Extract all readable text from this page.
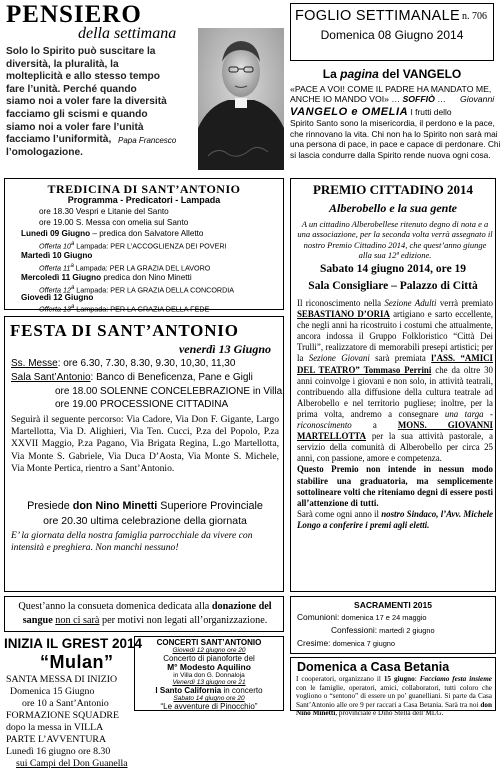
PENSIERO
della settimana
Solo lo Spirito può suscitare la
diversità, la pluralità, la
molteplicità e allo stesso tempo
fare l’unità. Perché quando
siamo noi a voler fare la diversità
facciamo gli scismi e quando
siamo noi a voler fare l’unità
facciamo l’uniformità,
l’omologazione.
Papa Francesco
FOGLIO SETTIMANALE n. 706
Domenica 08 Giugno 2014
La pagina del VANGELO
«PACE A VOI! COME IL PADRE HA MANDATO ME,
ANCHE IO MANDO VOI» … SOFFIÒ … Giovanni
VANGELO e OMELIA I frutti dello
Spirito Santo sono la misericordia, il perdono e la pace,
che rinnovano la vita. Chi non ha lo Spirito non sarà mai
una persona di pace, in pace e capace di perdonare. Chi
si lascia condurre dalla Spirito rende nuova ogni cosa.
TREDICINA DI SANT’ANTONIO
Programma - Predicatori - Lampada
ore 18.30 Vespri e Litanie del Santo
ore 19.00 S. Messa con omelia sul Santo
Lunedì 09 Giugno – predica don Salvatore Alletto
Offerta 10$^a$ Lampada: PER L’ACCOGLIENZA DEI POVERI
Martedì 10 Giugno
Offerta 11$^a$ Lampada: PER LA GRAZIA DEL LAVORO
Mercoledì 11 Giugno predica don Nino Minetti
Offerta 12$^a$ Lampada: PER LA GRAZIA DELLA CONCORDIA
Giovedì 12 Giugno
Offerta 13$^a$ Lampada: PER LA GRAZIA DELLA FEDE
FESTA DI SANT’ANTONIO
venerdì 13 Giugno
Ss. Messe: ore 6.30, 7.30, 8.30, 9.30, 10,30, 11,30
Sala Sant’Antonio: Banco di Beneficenza, Pane e Gigli
ore 18.00 SOLENNE CONCELEBRAZIONE in Villa
ore 19.00 PROCESSIONE CITTADINA
Seguirà il seguente percorso: Via Cadore, Via Don F. Gigante, Largo Martellotta, Via D. Alighieri, Via Ten. Cucci, P.za del Popolo, P.za XXVII Maggio, P.za Pagano, Via Brigata Regina, L.go Martellotta, Via Monte S. Gabriele, Via Duca D’Aosta, Via Monte S. Michele, Via Monte Pertica, rientro a Sant’Antonio.
Presiede don Nino Minetti Superiore Provinciale
ore 20.30 ultima celebrazione della giornata
E’ la giornata della nostra famiglia parrocchiale da vivere con intensità e preghiera. Non manchi nessuno!
PREMIO CITTADINO 2014
Alberobello e la sua gente
A un cittadino Alberobellese ritenuto degno di nota e a una associazione, per la seconda volta verrà assegnato il nostro Premio Cittadino 2014, che quest’anno giunge alla sua 12ª edizione.
Sabato 14 giugno 2014, ore 19
Sala Consigliare – Palazzo di Città
Il riconoscimento nella Sezione Adulti verrà premiato SEBASTIANO D’ORIA artigiano e sarto eccellente, che negli anni ha ricostruito i costumi che attualmente, ancora indossa il Gruppo Folkloristico “Città Dei Trulli”, realizzatore di memorabili presepi artistici; per la Sezione Giovani sarà premiata l’ASS. “AMICI DEL TEATRO” Tommaso Perrini che da oltre 30 anni coinvolge i giovani e non solo, in attività teatrali, contribuendo alla diffusione della cultura teatrale ad Alberobello e nel territorio pugliese; inoltre, per la prima volta, andremo a consegnare una targa - riconoscimento a MONS. GIOVANNI MARTELLOTTA per la sua attività pastorale, a servizio della comunità di Alberobello per circa 25 anni, con passione, amore e competenza.
Questo Premio non intende in nessun modo stabilire una graduatoria, ma semplicemente sottolineare volti che riteniamo degni di essere posti all’attenzione di tutti.
Sarà come ogni anno il nostro Sindaco, l’Avv. Michele Longo a conferire i premi agli eletti.
Quest’anno la consueta domenica dedicata alla donazione del sangue non ci sarà per motivi non legati all’organizzazione.
INIZIA IL GREST 2014
“Mulan”
SANTA MESSA DI INIZIO
Domenica 15 Giugno
ore 10 a Sant’Antonio
FORMAZIONE SQUADRE
dopo la messa in VILLA
PARTE L’AVVENTURA
Lunedì 16 giugno ore 8.30
sui Campi del Don Guanella
CONCERTI SANT’ANTONIO
Giovedì 12 giugno ore 20
Concerto di pianoforte del
M° Modesto Aquilino
in Villa don G. Donnaloja
Venerdì 13 giugno ore 21
I Santo California in concerto
Sabato 14 giugno ore 20
“Le avventure di Pinocchio”
SACRAMENTI 2015
Comunioni: domenica 17 e 24 maggio
Confessioni: martedì 2 giugno
Cresime: domenica 7 giugno
Domenica a Casa Betania
I cooperatori, organizzano il 15 giugno: Facciamo festa insieme con le famiglie, operatori, amici, collaboratori, tutti coloro che vogliono o “sentono” di essere un po’ guanelliani. Si parte da Casa Sant’Antonio alle ore 9 per raccari a Casa Betania. Sarà tra noi don Nino Minetti, provinciale e Dino Stella dell’MLG.
